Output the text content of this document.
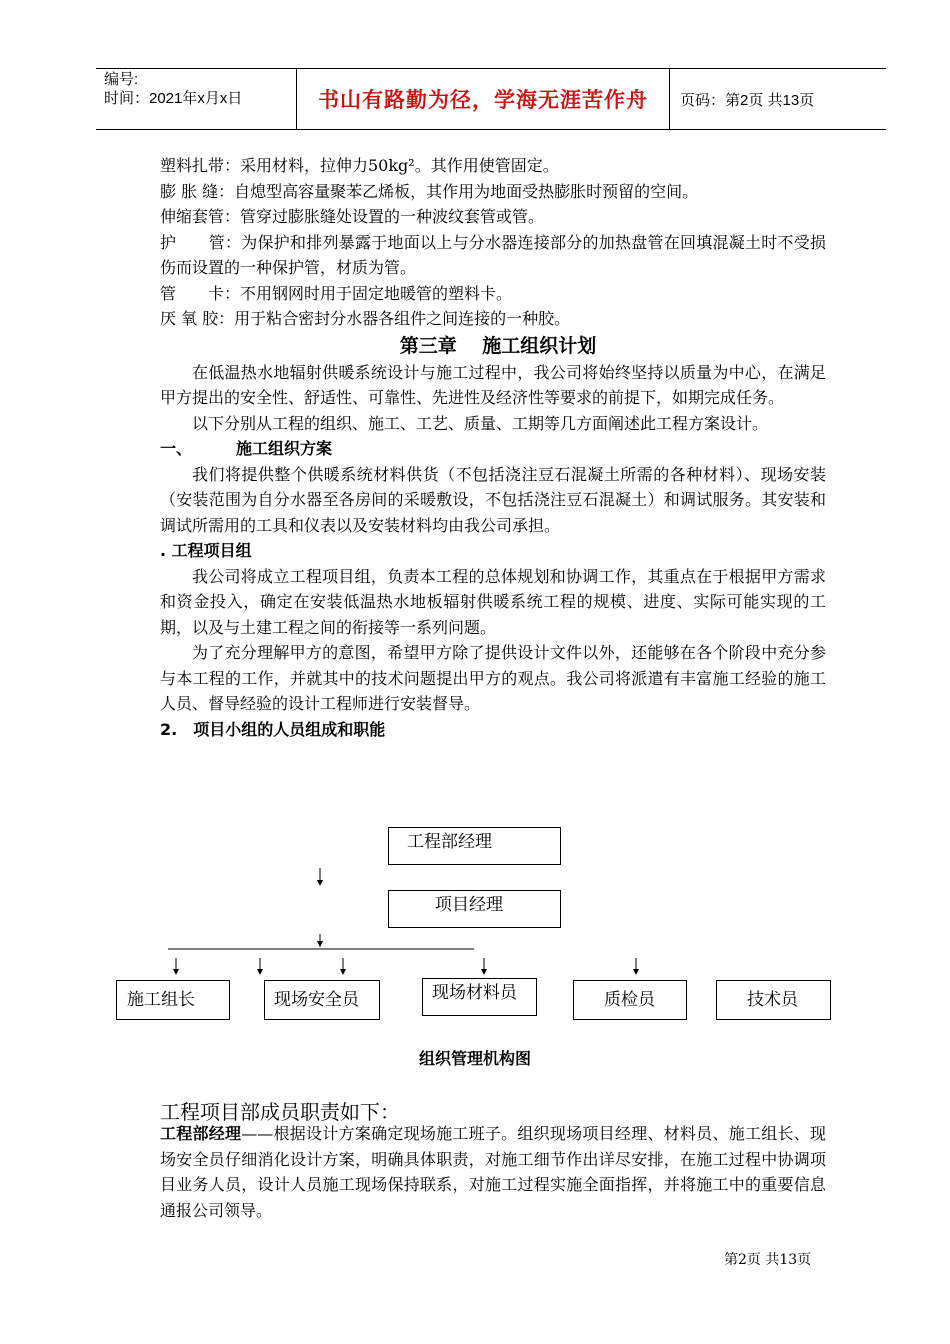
编号:
时间：2021年x月x日	书山有路勤为径，学海无涯苦作舟	页码：第2页 共13页

塑料扎带：采用材料，拉伸力50kg²。其作用使管固定。

膨 胀 缝：自熄型高容量聚苯乙烯板，其作用为地面受热膨胀时预留的空间。

伸缩套管：管穿过膨胀缝处设置的一种波纹套管或管。

护　　管：为保护和排列暴露于地面以上与分水器连接部分的加热盘管在回填混凝土时不受损伤而设置的一种保护管，材质为管。

管　　卡：不用钢网时用于固定地暖管的塑料卡。

厌 氧 胶：用于粘合密封分水器各组件之间连接的一种胶。

第三章　 施工组织计划

在低温热水地辐射供暖系统设计与施工过程中，我公司将始终坚持以质量为中心，在满足甲方提出的安全性、舒适性、可靠性、先进性及经济性等要求的前提下，如期完成任务。

以下分别从工程的组织、施工、工艺、质量、工期等几方面阐述此工程方案设计。

一、	施工组织方案

我们将提供整个供暖系统材料供货（不包括浇注豆石混凝土所需的各种材料）、现场安装（安装范围为自分水器至各房间的采暖敷设，不包括浇注豆石混凝土）和调试服务。其安装和调试所需用的工具和仪表以及安装材料均由我公司承担。

. 工程项目组

我公司将成立工程项目组，负责本工程的总体规划和协调工作，其重点在于根据甲方需求和资金投入，确定在安装低温热水地板辐射供暖系统工程的规模、进度、实际可能实现的工期，以及与土建工程之间的衔接等一系列问题。

为了充分理解甲方的意图，希望甲方除了提供设计文件以外，还能够在各个阶段中充分参与本工程的工作，并就其中的技术问题提出甲方的观点。我公司将派遣有丰富施工经验的施工人员、督导经验的设计工程师进行安装督导。

2.　项目小组的人员组成和职能

工程部经理
项目经理
施工组长	现场安全员	现场材料员	质检员	技术员
组织管理机构图
工程项目部成员职责如下：

工程部经理——根据设计方案确定现场施工班子。组织现场项目经理、材料员、施工组长、现场安全员仔细消化设计方案，明确具体职责，对施工细节作出详尽安排，在施工过程中协调项目业务人员，设计人员施工现场保持联系，对施工过程实施全面指挥，并将施工中的重要信息通报公司领导。

第2页 共13页
